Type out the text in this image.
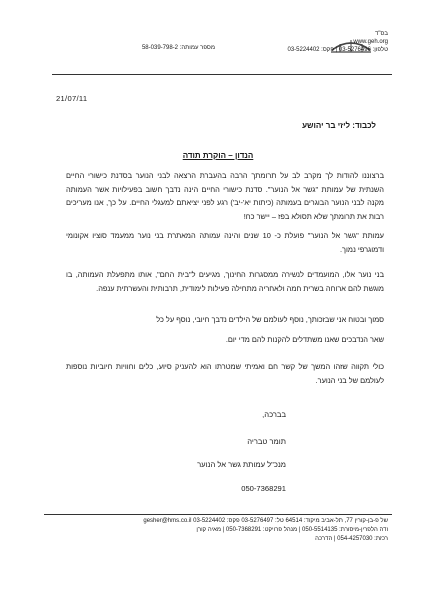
בס"ד
www.geh.org
טלפון: 03-5276496 | פקס: 03-5224402
מספר עמותה: 58-039-798-2
21/07/11
לכבוד: ליזי בר יהושע
הנדון – הוקרת תודה
ברצוננו להודות לך מקרב לב על תרומתך הרבה בהעברת הרצאה לבני הנוער בסדנת כישורי החיים השנתית של עמותת "גשר אל הנוער". סדנת כישורי החיים הינה נדבך חשוב בפעילויות אשר העמותה מקנה לבני הנוער הבוגרים בעמותה (כיתות יא'-יב') רגע לפני יציאתם למעגלי החיים. על כך, אנו מעריכים רבות את תרומתך שלא תסולא בפז – יישר כח!
עמותת "גשר אל הנוער" פועלת כ- 10 שנים והינה עמותה המאתרת בני נוער ממעמד סוציו אקונומי ודמוגרפי נמוך.
בני נוער אלו, המועמדים לנשירה ממסגרות החינוך, מגיעים ל"בית החם", אותו מתפעלת העמותה, בו מוגשת להם ארוחה בשרית חמה ולאחריה מתחילה פעילות לימודית, תרבותית והעשרתית ענפה.
סמוך ובטוח אני שבזכותך, נוסף לעולמם של הילדים נדבך חיובי, נוסף על כל
שאר הנדבכים שאנו משתדלים להקנות להם מדי יום.
כולי תקווה שזהו המשך של קשר חם ואמיתי שמטרתו הוא להעניק סיוע, כלים וחוויות חיוביות נוספות לעולמם של בני הנוער.
בברכה,
תומר טבריה
מנכ"ל עמותת גשר אל הנוער
050-7368291
של פ-בן-קורין 77, תל-אביב מיקוד: 64514 טל: 03-5276497 פקס: 03-5224402 gesher@hms.co.il
ודה הלפרין-מיסורת: 050-5514135 | מנהל פרויקט: 050-7368291 | מאיה קורן
רכזת: 054-4257030 | הדרכה
